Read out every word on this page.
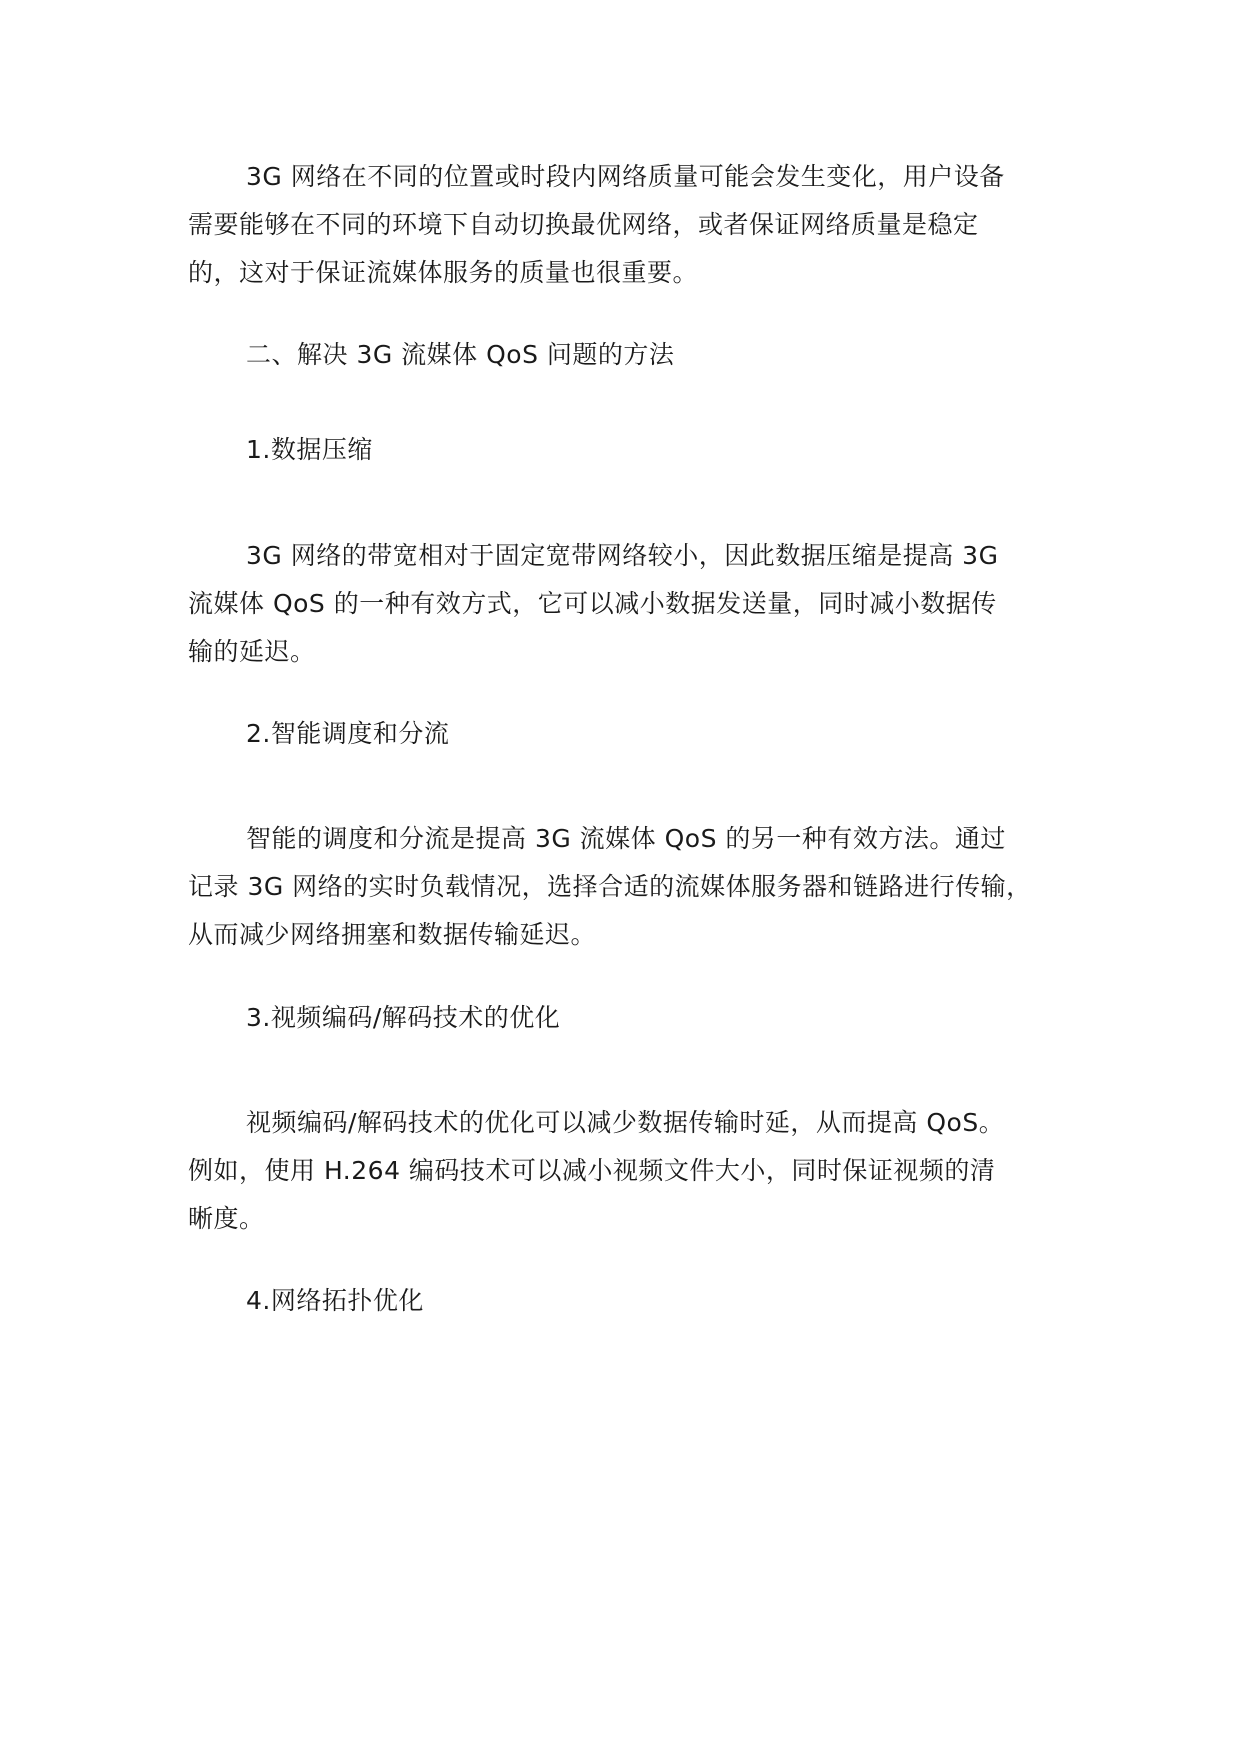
3G 网络在不同的位置或时段内网络质量可能会发生变化，用户设备
需要能够在不同的环境下自动切换最优网络，或者保证网络质量是稳定
的，这对于保证流媒体服务的质量也很重要。
二、解决 3G 流媒体 QoS 问题的方法
1.数据压缩
3G 网络的带宽相对于固定宽带网络较小，因此数据压缩是提高 3G
流媒体 QoS 的一种有效方式，它可以减小数据发送量，同时减小数据传
输的延迟。
2.智能调度和分流
智能的调度和分流是提高 3G 流媒体 QoS 的另一种有效方法。通过
记录 3G 网络的实时负载情况，选择合适的流媒体服务器和链路进行传输，
从而减少网络拥塞和数据传输延迟。
3.视频编码/解码技术的优化
视频编码/解码技术的优化可以减少数据传输时延，从而提高 QoS。
例如，使用 H.264 编码技术可以减小视频文件大小，同时保证视频的清
晰度。
4.网络拓扑优化
